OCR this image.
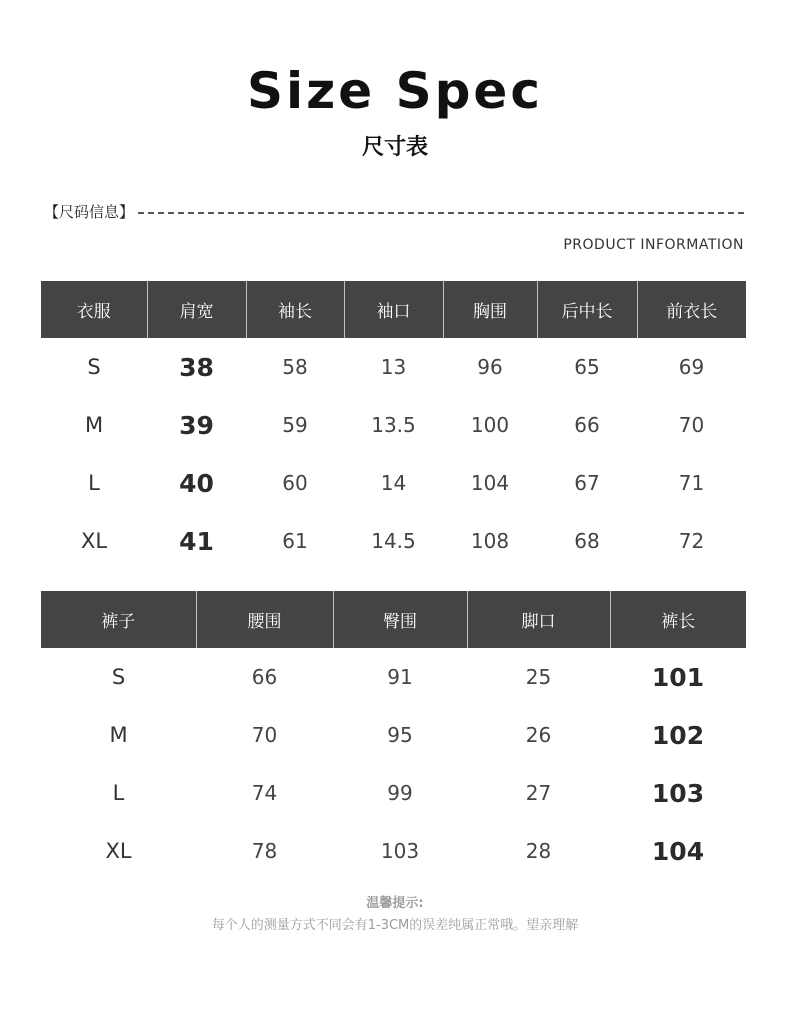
Size Spec
尺寸表
【尺码信息】
PRODUCT INFORMATION
衣服	肩宽	袖长	袖口	胸围	后中长	前衣长
S	38	58	13	96	65	69
M	39	59	13.5	100	66	70
L	40	60	14	104	67	71
XL	41	61	14.5	108	68	72
裤子	腰围	臀围	脚口	裤长
S	66	91	25	101
M	70	95	26	102
L	74	99	27	103
XL	78	103	28	104
温馨提示:
每个人的测量方式不同会有1-3CM的误差纯属正常哦。望亲理解
